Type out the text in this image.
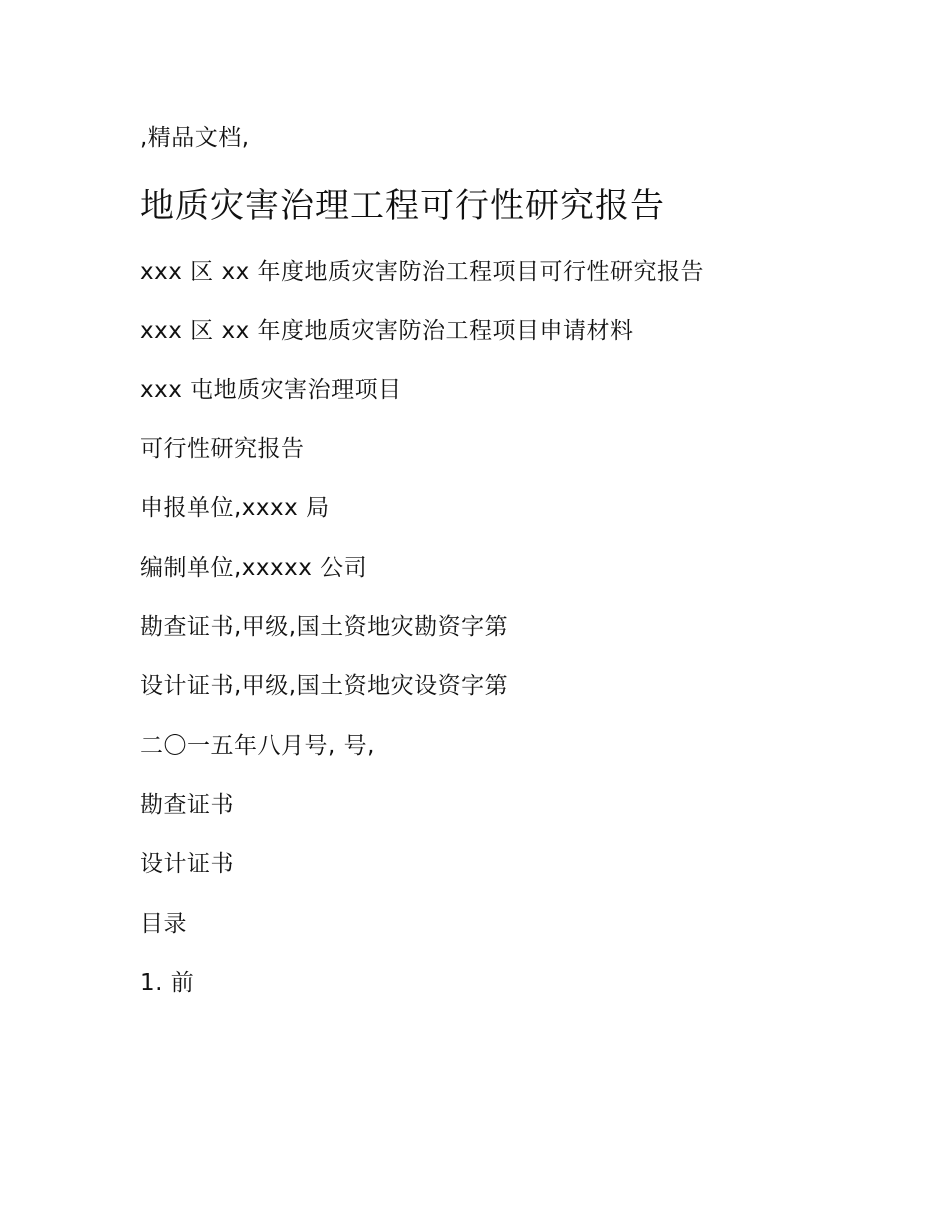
,精品文档,

地质灾害治理工程可行性研究报告

xxx 区 xx 年度地质灾害防治工程项目可行性研究报告

xxx 区 xx 年度地质灾害防治工程项目申请材料

xxx 屯地质灾害治理项目

可行性研究报告

申报单位,xxxx 局

编制单位,xxxxx 公司

勘查证书,甲级,国土资地灾勘资字第

设计证书,甲级,国土资地灾设资字第

二〇一五年八月号, 号,

勘查证书

设计证书

目录

1. 前
